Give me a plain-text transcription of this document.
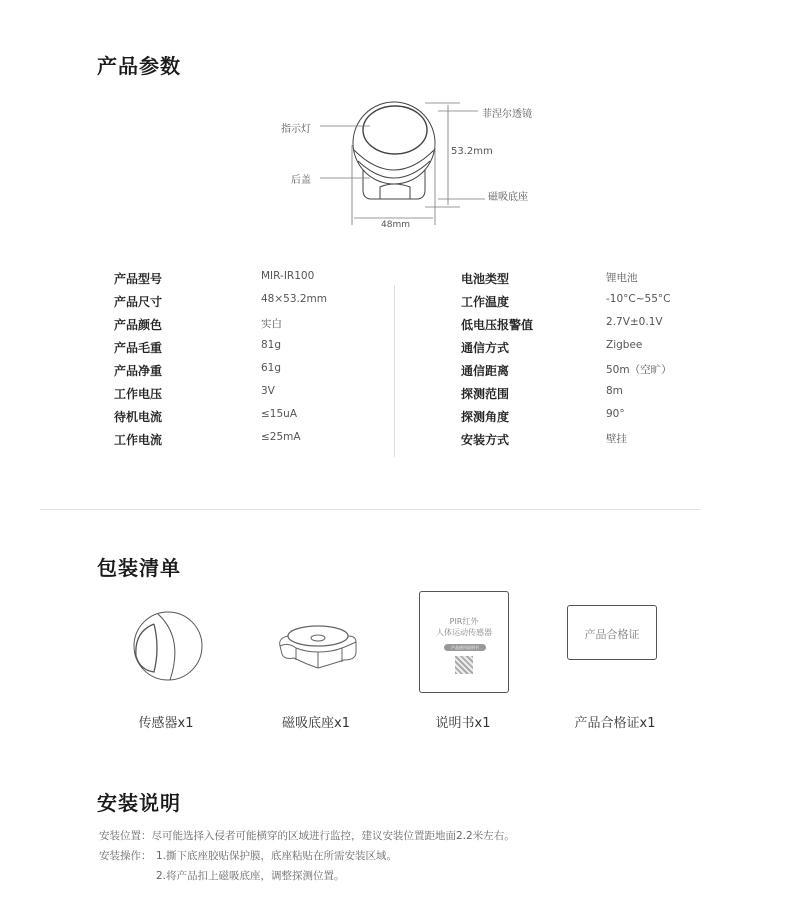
产品参数
指示灯
后盖
菲涅尔透镜
磁吸底座
53.2mm
48mm
产品型号	MIR-IR100
产品尺寸	48×53.2mm
产品颜色	实白
产品毛重	81g
产品净重	61g
工作电压	3V
待机电流	≤15uA
工作电流	≤25mA
电池类型	锂电池
工作温度	-10°C~55°C
低电压报警值	2.7V±0.1V
通信方式	Zigbee
通信距离	50m（空旷）
探测范围	8m
探测角度	90°
安装方式	壁挂
包装清单
PIR红外
人体运动传感器
产品使用说明书
产品合格证
传感器x1	磁吸底座x1	说明书x1	产品合格证x1
安装说明
安装位置：尽可能选择入侵者可能横穿的区域进行监控，建议安装位置距地面2.2米左右。
安装操作： 1.撕下底座胶贴保护膜，底座粘贴在所需安装区域。
2.将产品扣上磁吸底座，调整探测位置。
